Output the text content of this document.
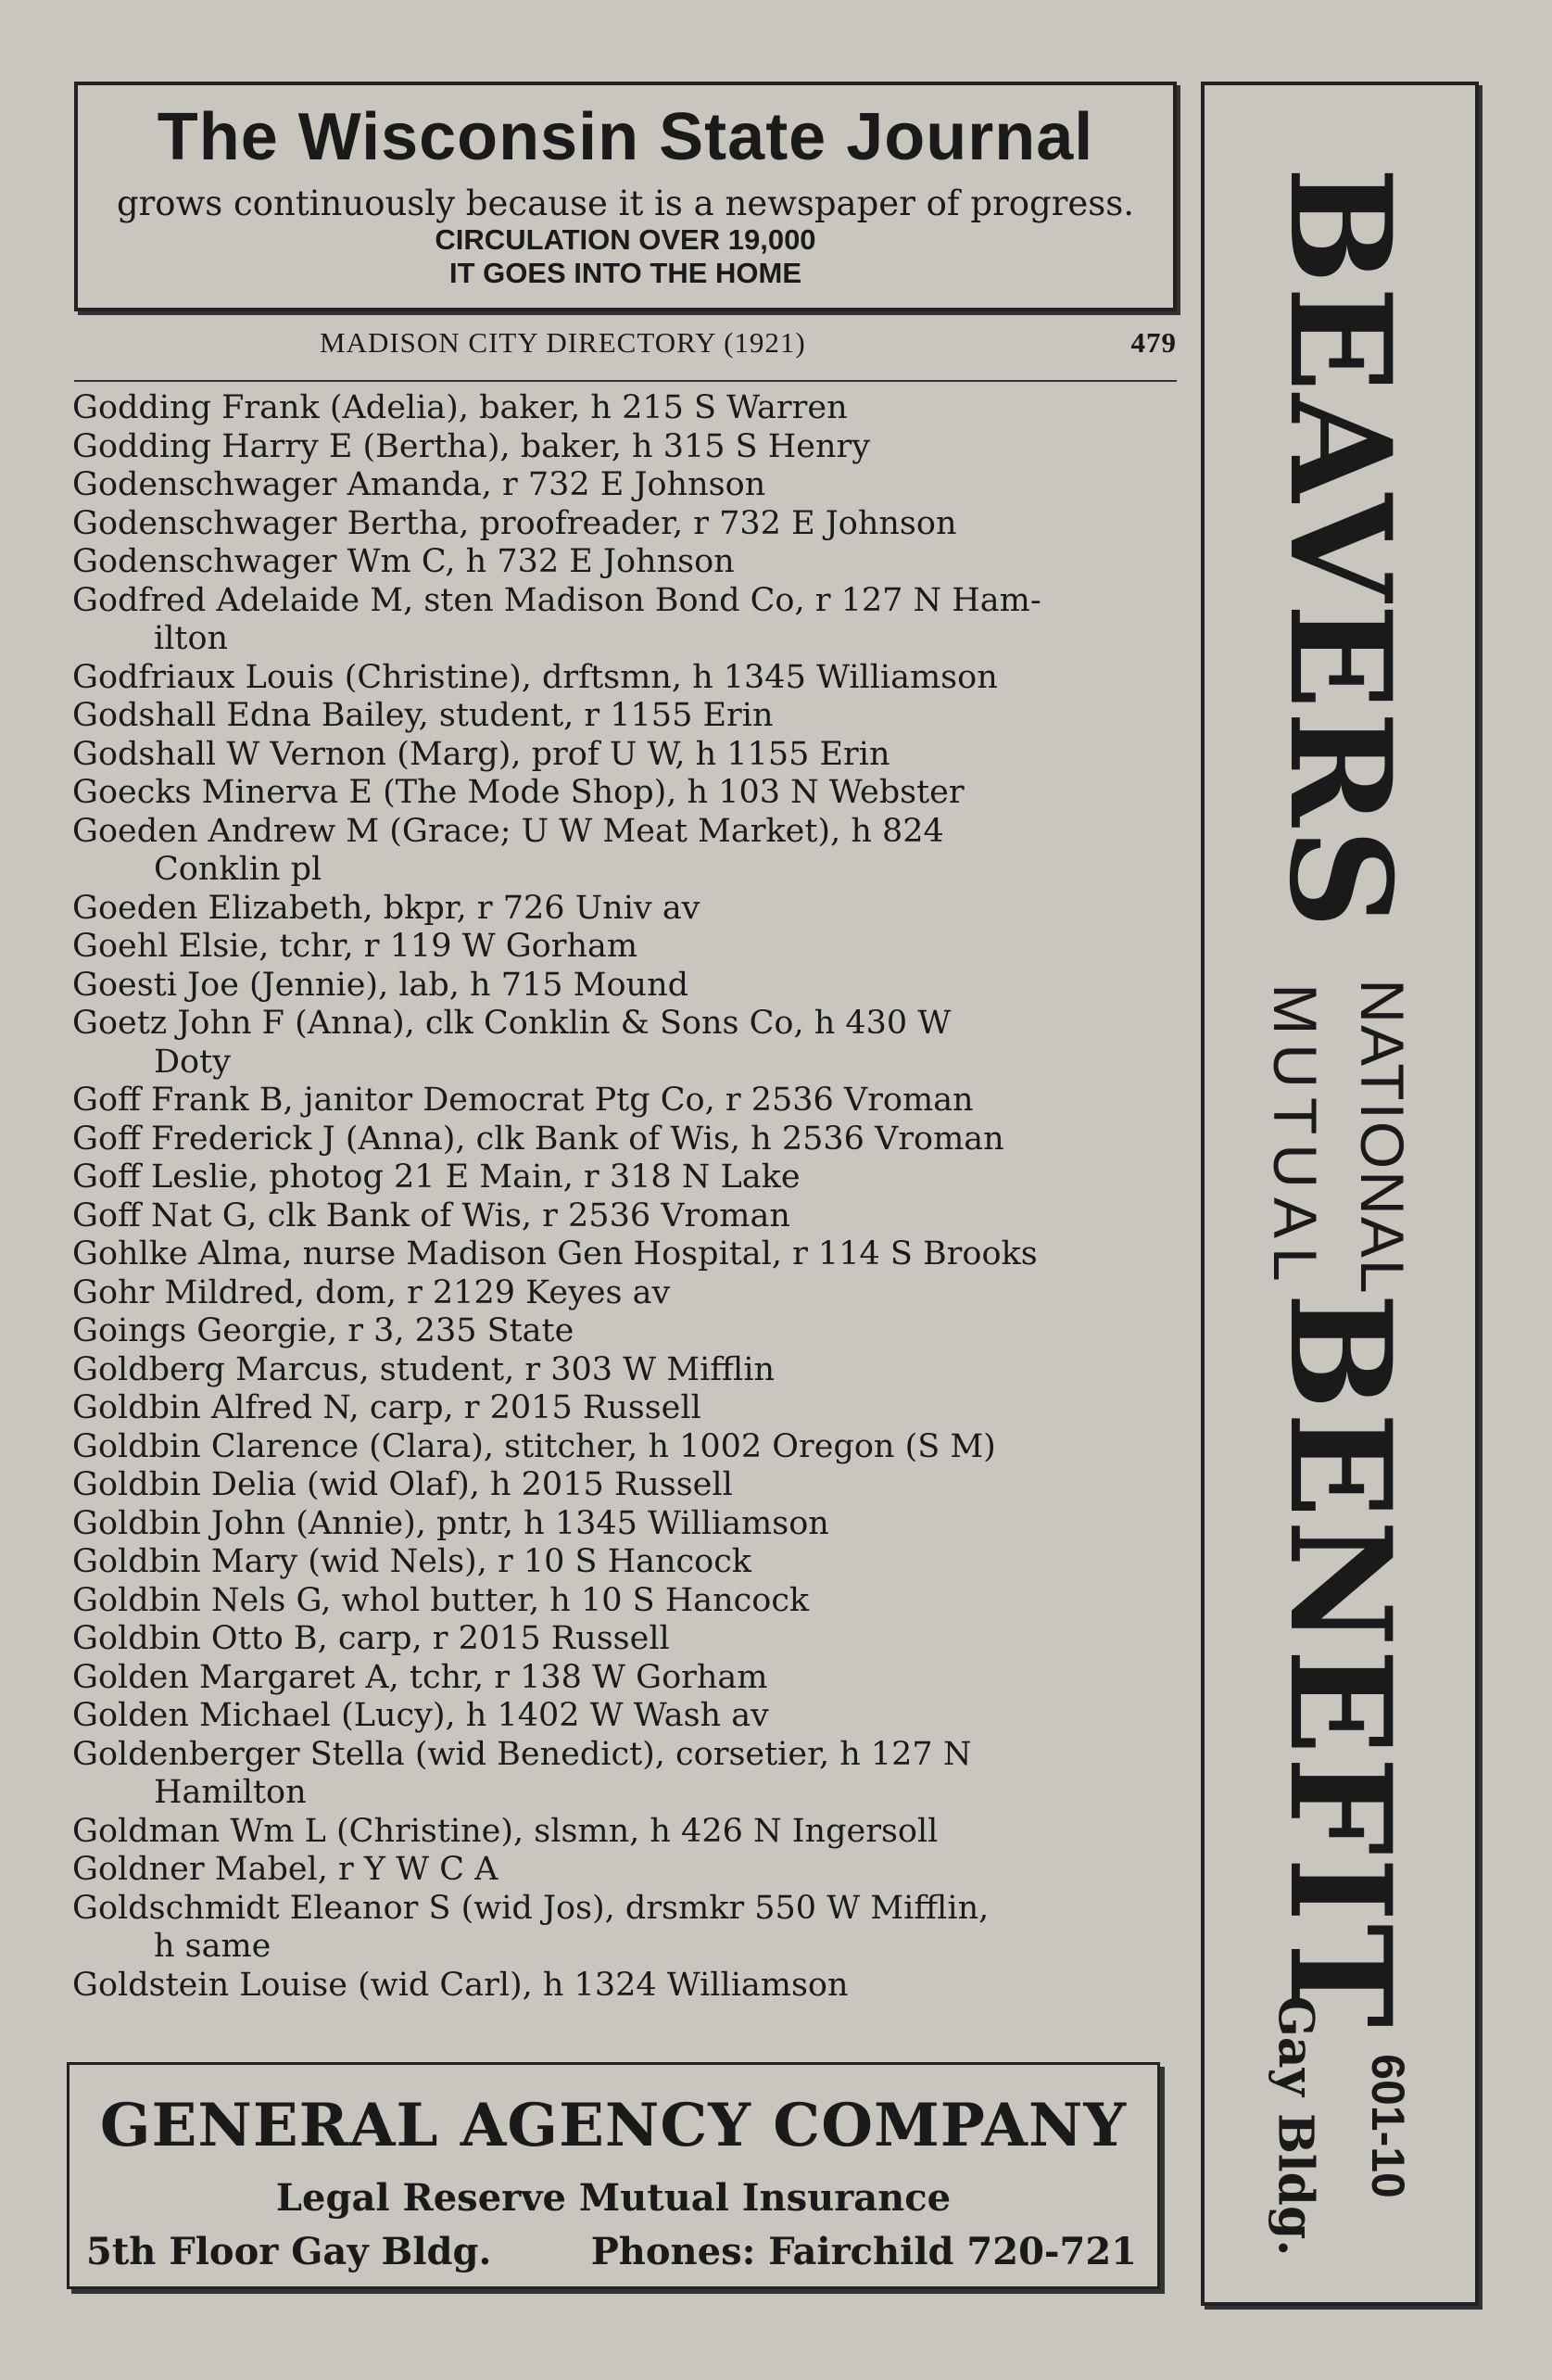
The Wisconsin State Journal
grows continuously because it is a newspaper of progress.
CIRCULATION OVER 19,000
IT GOES INTO THE HOME
MADISON CITY DIRECTORY (1921)	479
Godding Frank (Adelia), baker, h 215 S Warren
Godding Harry E (Bertha), baker, h 315 S Henry
Godenschwager Amanda, r 732 E Johnson
Godenschwager Bertha, proofreader, r 732 E Johnson
Godenschwager Wm C, h 732 E Johnson
Godfred Adelaide M, sten Madison Bond Co, r 127 N Ham-
ilton
Godfriaux Louis (Christine), drftsmn, h 1345 Williamson
Godshall Edna Bailey, student, r 1155 Erin
Godshall W Vernon (Marg), prof U W, h 1155 Erin
Goecks Minerva E (The Mode Shop), h 103 N Webster
Goeden Andrew M (Grace; U W Meat Market), h 824
Conklin pl
Goeden Elizabeth, bkpr, r 726 Univ av
Goehl Elsie, tchr, r 119 W Gorham
Goesti Joe (Jennie), lab, h 715 Mound
Goetz John F (Anna), clk Conklin & Sons Co, h 430 W
Doty
Goff Frank B, janitor Democrat Ptg Co, r 2536 Vroman
Goff Frederick J (Anna), clk Bank of Wis, h 2536 Vroman
Goff Leslie, photog 21 E Main, r 318 N Lake
Goff Nat G, clk Bank of Wis, r 2536 Vroman
Gohlke Alma, nurse Madison Gen Hospital, r 114 S Brooks
Gohr Mildred, dom, r 2129 Keyes av
Goings Georgie, r 3, 235 State
Goldberg Marcus, student, r 303 W Mifflin
Goldbin Alfred N, carp, r 2015 Russell
Goldbin Clarence (Clara), stitcher, h 1002 Oregon (S M)
Goldbin Delia (wid Olaf), h 2015 Russell
Goldbin John (Annie), pntr, h 1345 Williamson
Goldbin Mary (wid Nels), r 10 S Hancock
Goldbin Nels G, whol butter, h 10 S Hancock
Goldbin Otto B, carp, r 2015 Russell
Golden Margaret A, tchr, r 138 W Gorham
Golden Michael (Lucy), h 1402 W Wash av
Goldenberger Stella (wid Benedict), corsetier, h 127 N
Hamilton
Goldman Wm L (Christine), slsmn, h 426 N Ingersoll
Goldner Mabel, r Y W C A
Goldschmidt Eleanor S (wid Jos), drsmkr 550 W Mifflin,
h same
Goldstein Louise (wid Carl), h 1324 Williamson
GENERAL AGENCY COMPANY
Legal Reserve Mutual Insurance
5th Floor Gay Bldg.	Phones: Fairchild 720-721
BEAVERS
NATIONAL
MUTUAL
BENEFIT
601-10
Gay Bldg.
